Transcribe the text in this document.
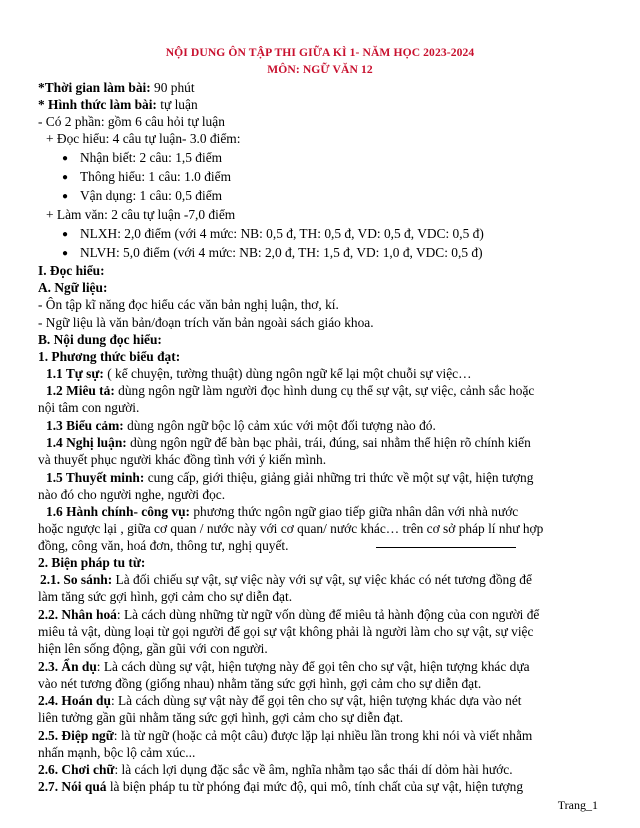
NỘI DUNG ÔN TẬP THI GIỮA KÌ 1- NĂM HỌC 2023-2024
MÔN: NGỮ VĂN 12
*Thời gian làm bài: 90 phút
* Hình thức làm bài: tự luận
- Có 2 phần: gồm 6 câu hỏi tự luận
+ Đọc hiểu: 4 câu tự luận- 3.0 điểm:
● Nhận biết: 2 câu: 1,5 điểm
● Thông hiểu: 1 câu: 1.0 điểm
● Vận dụng: 1 câu: 0,5 điểm
+ Làm văn: 2 câu tự luận -7,0 điểm
● NLXH: 2,0 điểm (với 4 mức: NB: 0,5 đ, TH: 0,5 đ, VD: 0,5 đ, VDC: 0,5 đ)
● NLVH: 5,0 điểm (với 4 mức: NB: 2,0 đ, TH: 1,5 đ, VD: 1,0 đ, VDC: 0,5 đ)
I. Đọc hiểu:
A. Ngữ liệu:
- Ôn tập kĩ năng đọc hiểu các văn bản nghị luận, thơ, kí.
- Ngữ liệu là văn bản/đoạn trích văn bản ngoài sách giáo khoa.
B. Nội dung đọc hiểu:
1. Phương thức biểu đạt:
1.1 Tự sự: ( kể chuyện, tường thuật) dùng ngôn ngữ kể lại một chuỗi sự việc…
1.2 Miêu tả: dùng ngôn ngữ làm người đọc hình dung cụ thể sự vật, sự việc, cảnh sắc hoặc
nội tâm con người.
1.3 Biểu cảm: dùng ngôn ngữ bộc lộ cảm xúc với một đối tượng nào đó.
1.4 Nghị luận: dùng ngôn ngữ để bàn bạc phải, trái, đúng, sai nhằm thể hiện rõ chính kiến
và thuyết phục người khác đồng tình với ý kiến mình.
1.5 Thuyết minh: cung cấp, giới thiệu, giảng giải những tri thức về một sự vật, hiện tượng
nào đó cho người nghe, người đọc.
1.6 Hành chính- công vụ: phương thức ngôn ngữ giao tiếp giữa nhân dân với nhà nước
hoặc ngược lại , giữa cơ quan / nước này với cơ quan/ nước khác… trên cơ sở pháp lí như hợp
đồng, công văn, hoá đơn, thông tư, nghị quyết.
2. Biện pháp tu từ:
2.1. So sánh: Là đối chiếu sự vật, sự việc này với sự vật, sự việc khác có nét tương đồng để
làm tăng sức gợi hình, gợi cảm cho sự diễn đạt.
2.2. Nhân hoá: Là cách dùng những từ ngữ vốn dùng để miêu tả hành động của con người để
miêu tả vật, dùng loại từ gọi người để gọi sự vật không phải là người làm cho sự vật, sự việc
hiện lên sống động, gần gũi với con người.
2.3. Ẩn dụ: Là cách dùng sự vật, hiện tượng này để gọi tên cho sự vật, hiện tượng khác dựa
vào nét tương đồng (giống nhau) nhằm tăng sức gợi hình, gợi cảm cho sự diễn đạt.
2.4. Hoán dụ: Là cách dùng sự vật này để gọi tên cho sự vật, hiện tượng khác dựa vào nét
liên tưởng gần gũi nhằm tăng sức gợi hình, gợi cảm cho sự diễn đạt.
2.5. Điệp ngữ: là từ ngữ (hoặc cả một câu) được lặp lại nhiều lần trong khi nói và viết nhằm
nhấn mạnh, bộc lộ cảm xúc...
2.6. Chơi chữ: là cách lợi dụng đặc sắc về âm, nghĩa nhằm tạo sắc thái dí dỏm hài hước.
2.7. Nói quá là biện pháp tu từ phóng đại mức độ, qui mô, tính chất của sự vật, hiện tượng
Trang_1
